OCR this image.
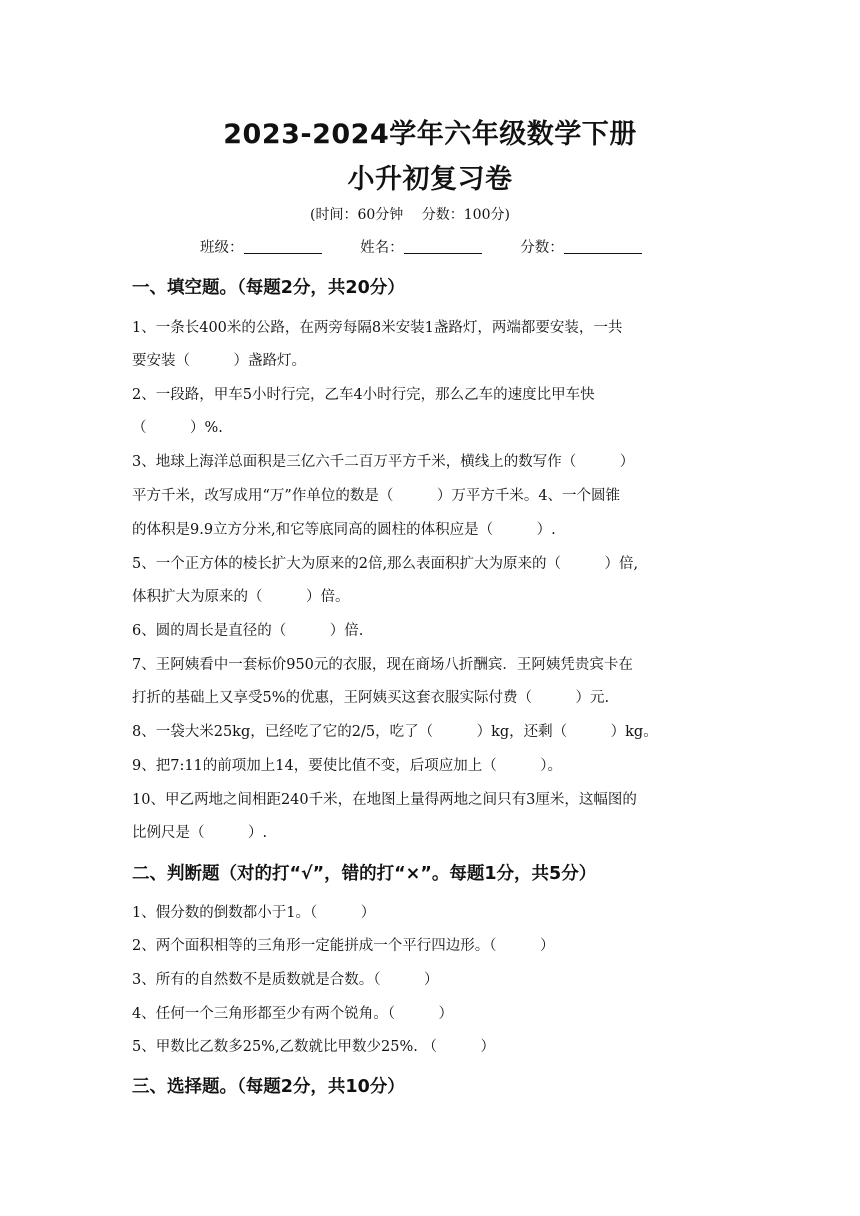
2023-2024学年六年级数学下册
小升初复习卷
(时间：60分钟　 分数：100分)
班级：	姓名：	分数：
一、填空题。（每题2分，共20分）
1、一条长400米的公路，在两旁每隔8米安装1盏路灯，两端都要安装，一共
要安装（　　　）盏路灯。
2、一段路，甲车5小时行完，乙车4小时行完，那么乙车的速度比甲车快
（　　　）%.
3、地球上海洋总面积是三亿六千二百万平方千米，横线上的数写作（　　　）
平方千米，改写成用“万”作单位的数是（　　　）万平方千米。4、一个圆锥
的体积是9.9立方分米,和它等底同高的圆柱的体积应是（　　　）.
5、一个正方体的棱长扩大为原来的2倍,那么表面积扩大为原来的（　　　）倍,
体积扩大为原来的（　　　）倍。
6、圆的周长是直径的（　　　）倍.
7、王阿姨看中一套标价950元的衣服，现在商场八折酬宾．王阿姨凭贵宾卡在
打折的基础上又享受5%的优惠，王阿姨买这套衣服实际付费（　　　）元.
8、一袋大米25kg，已经吃了它的2/5，吃了（　　　）kg，还剩（　　　）kg。
9、把7:11的前项加上14，要使比值不变，后项应加上（　　　）。
10、甲乙两地之间相距240千米，在地图上量得两地之间只有3厘米，这幅图的
比例尺是（　　　）.
二、判断题（对的打“√”，错的打“×”。每题1分，共5分）
1、假分数的倒数都小于1。（　　　）
2、两个面积相等的三角形一定能拼成一个平行四边形。（　　　）
3、所有的自然数不是质数就是合数。（　　　）
4、任何一个三角形都至少有两个锐角。（　　　）
5、甲数比乙数多25%,乙数就比甲数少25%. （　　　）
三、选择题。（每题2分，共10分）
